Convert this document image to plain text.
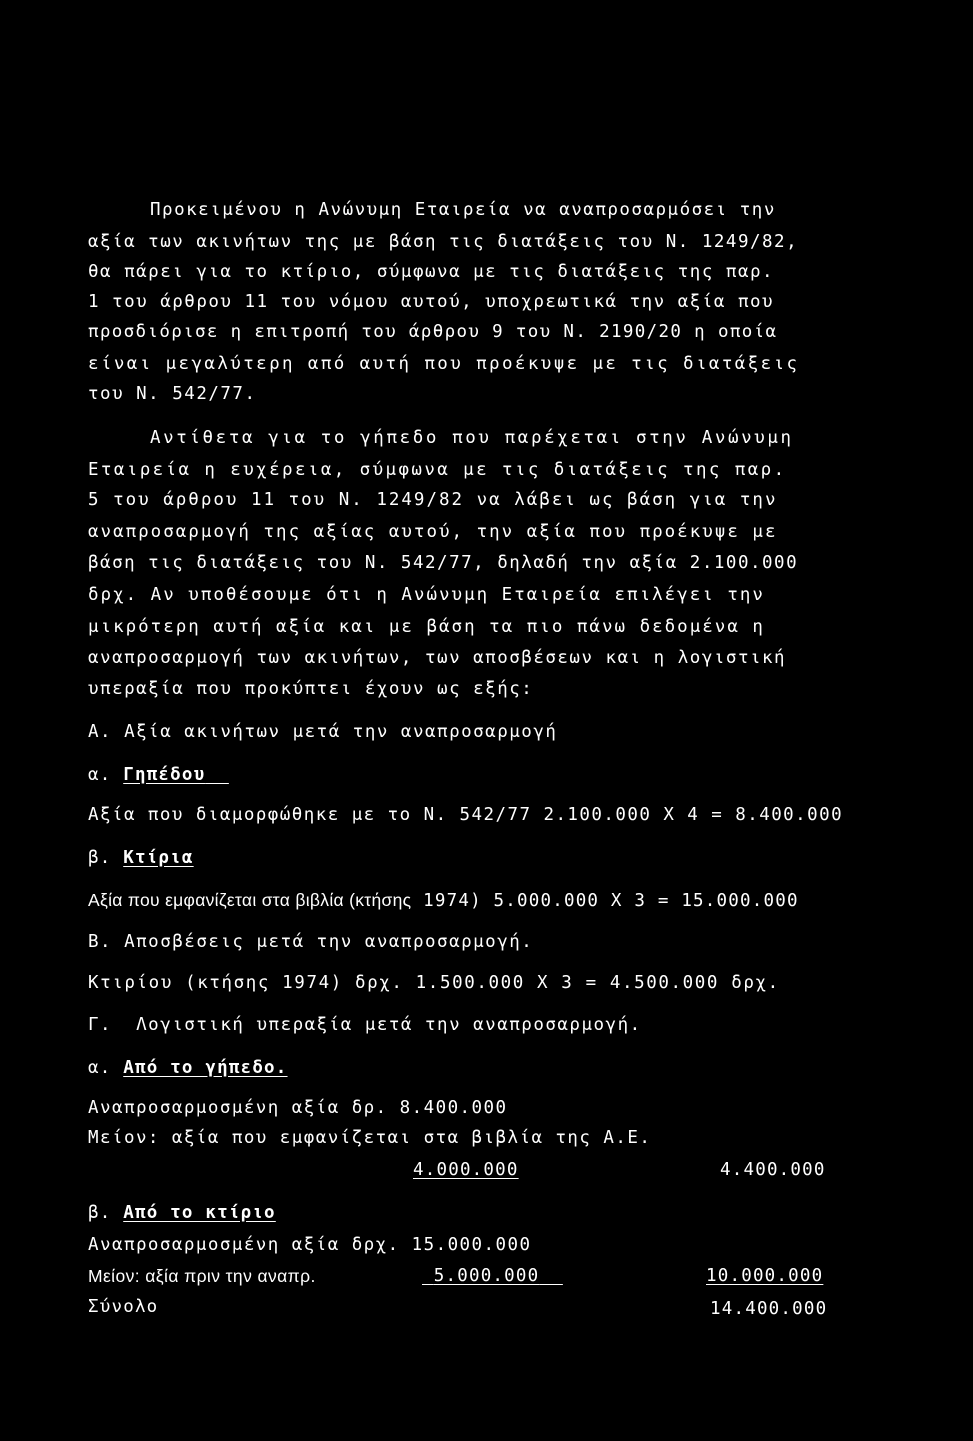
Προκειμένου η Ανώνυμη Εταιρεία να αναπροσαρμόσει την
αξία των ακινήτων της με βάση τις διατάξεις του Ν. 1249/82,
θα πάρει για το κτίριο, σύμφωνα με τις διατάξεις της παρ.
1 του άρθρου 11 του νόμου αυτού, υποχρεωτικά την αξία που
προσδιόρισε η επιτροπή του άρθρου 9 του Ν. 2190/20 η οποία
είναι μεγαλύτερη από αυτή που προέκυψε με τις διατάξεις
του Ν. 542/77.
Αντίθετα για το γήπεδο που παρέχεται στην Ανώνυμη
Εταιρεία η ευχέρεια, σύμφωνα με τις διατάξεις της παρ.
5 του άρθρου 11 του Ν. 1249/82 να λάβει ως βάση για την
αναπροσαρμογή της αξίας αυτού, την αξία που προέκυψε με
βάση τις διατάξεις του Ν. 542/77, δηλαδή την αξία 2.100.000
δρχ. Αν υποθέσουμε ότι η Ανώνυμη Εταιρεία επιλέγει την
μικρότερη αυτή αξία και με βάση τα πιο πάνω δεδομένα η
αναπροσαρμογή των ακινήτων, των αποσβέσεων και η λογιστική
υπεραξία που προκύπτει έχουν ως εξής:
Α. Αξία ακινήτων μετά την αναπροσαρμογή
α. Γηπέδου
Αξία που διαμορφώθηκε με το Ν. 542/77 2.100.000 Χ 4 = 8.400.000
β. Κτίρια
Αξία που εμφανίζεται στα βιβλία (κτήσης 1974) 5.000.000 Χ 3 = 15.000.000
Β. Αποσβέσεις μετά την αναπροσαρμογή.
Κτιρίου (κτήσης 1974) δρχ. 1.500.000 Χ 3 = 4.500.000 δρχ.
Γ.  Λογιστική υπεραξία μετά την αναπροσαρμογή.
α. Από το γήπεδο.
Αναπροσαρμοσμένη αξία δρ. 8.400.000
Μείον: αξία που εμφανίζεται στα βιβλία της Α.Ε.
4.000.000	4.400.000
β. Από το κτίριο
Αναπροσαρμοσμένη αξία δρχ. 15.000.000
Μείον: αξία πριν την αναπρ.	5.000.000	10.000.000
Σύνολο	14.400.000
